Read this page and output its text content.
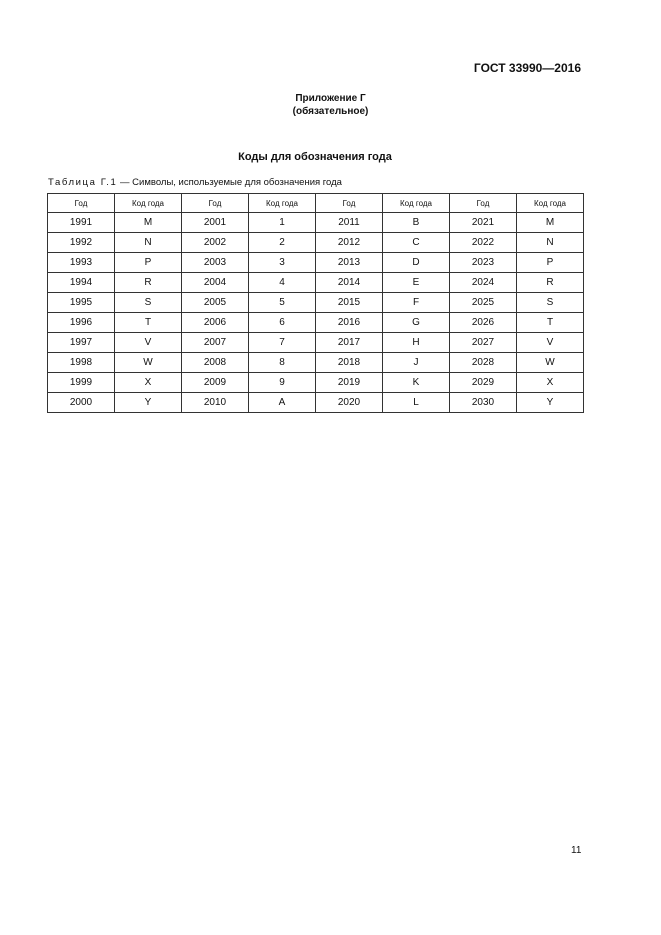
ГОСТ 33990—2016
Приложение Г
(обязательное)
Коды для обозначения года
Таблица Г.1 — Символы, используемые для обозначения года
Год	Код года	Год	Код года	Год	Код года	Год	Код года
1991	M	2001	1	2011	B	2021	M
1992	N	2002	2	2012	C	2022	N
1993	P	2003	3	2013	D	2023	P
1994	R	2004	4	2014	E	2024	R
1995	S	2005	5	2015	F	2025	S
1996	T	2006	6	2016	G	2026	T
1997	V	2007	7	2017	H	2027	V
1998	W	2008	8	2018	J	2028	W
1999	X	2009	9	2019	K	2029	X
2000	Y	2010	A	2020	L	2030	Y
11
